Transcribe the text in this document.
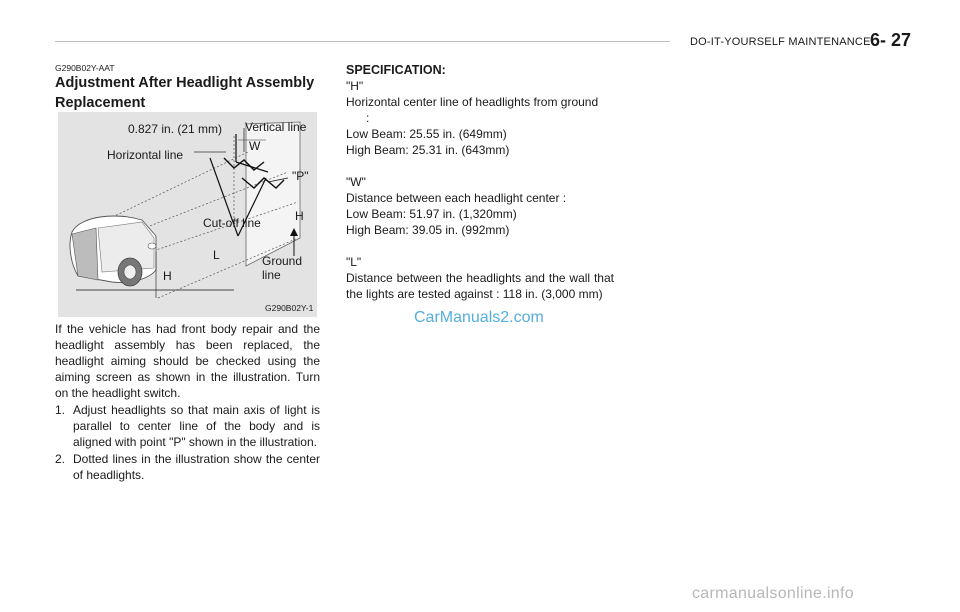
DO-IT-YOURSELF MAINTENANCE 6- 27
G290B02Y-AAT
Adjustment After Headlight Assembly Replacement
0.827 in. (21 mm) Vertical line
Horizontal line
W
"P"
H
Cut-off line
L
H
Ground
line
G290B02Y-1

If the vehicle has had front body repair and the headlight assembly has been replaced, the headlight aiming should be checked using the aiming screen as shown in the illustration. Turn on the headlight switch.

1. Adjust headlights so that main axis of light is parallel to center line of the body and is aligned with point "P" shown in the illustration.
2. Dotted lines in the illustration show the center of headlights.
SPECIFICATION:
"H"
Horizontal center line of headlights from ground
:
Low Beam: 25.55 in. (649mm)
High Beam: 25.31 in. (643mm)
"W"
Distance between each headlight center :
Low Beam: 51.97 in. (1,320mm)
High Beam: 39.05 in. (992mm)
"L"
Distance between the headlights and the wall that the lights are tested against : 118 in. (3,000 mm)
CarManuals2.com
carmanualsonline.info
